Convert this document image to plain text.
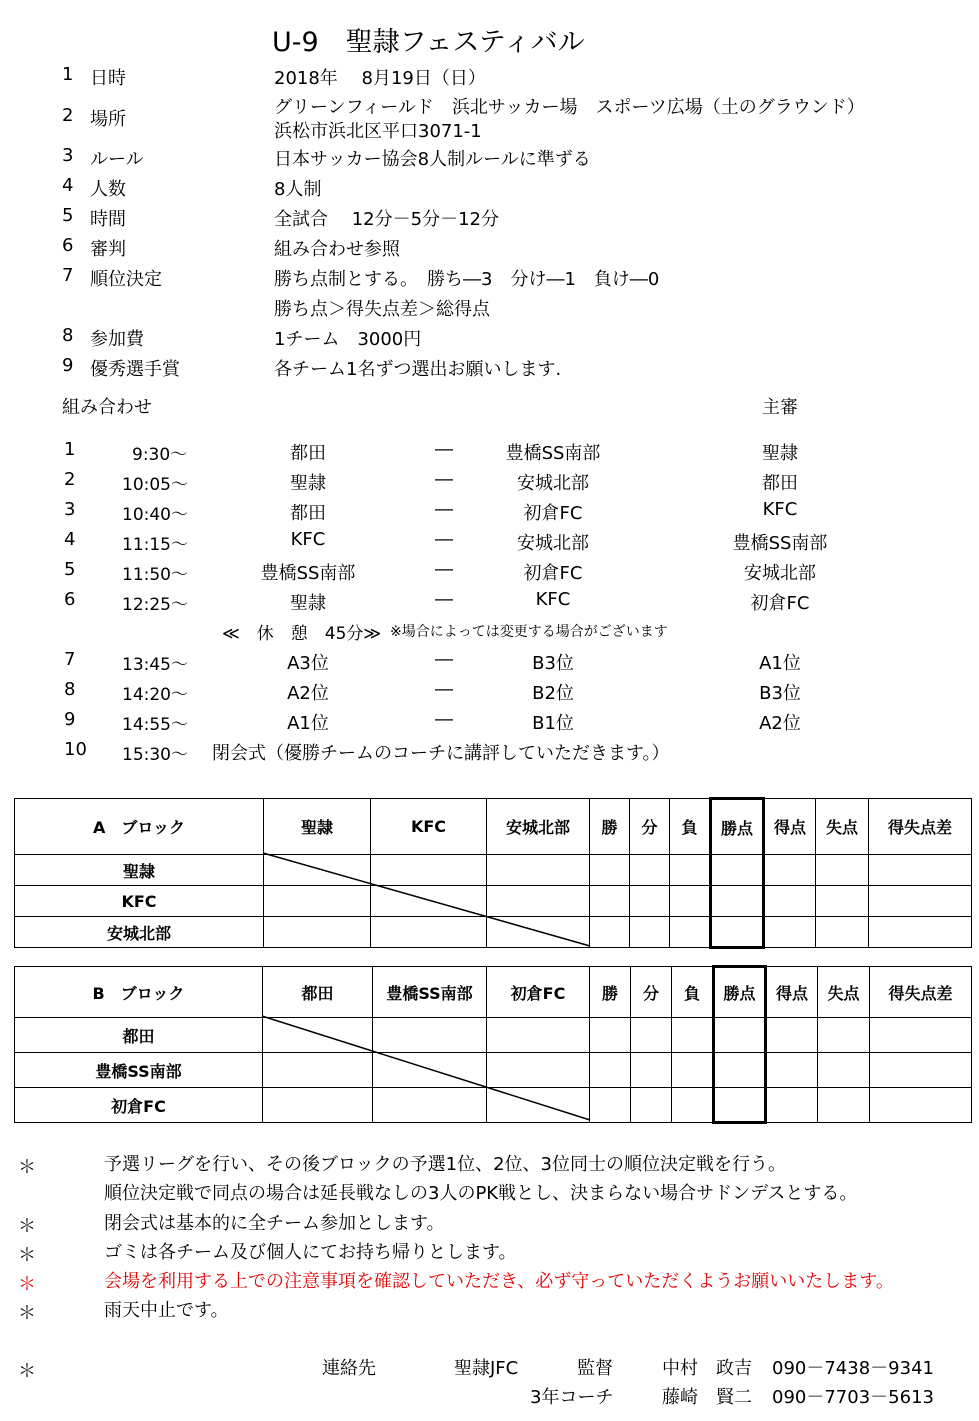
U-9　聖隷フェスティバル
1 日時	2018年　 8月19日（日）
2 場所
グリーンフィールド　浜北サッカー場　スポーツ広場（土のグラウンド）
浜松市浜北区平口3071-1
3 ルール	日本サッカー協会8人制ルールに準ずる
4 人数	8人制
5 時間	全試合　 12分－5分－12分
6 審判	組み合わせ参照
7 順位決定	勝ち点制とする。　勝ち―3　分け―1　負け―0
勝ち点＞得失点差＞総得点
8 参加費	1チーム　3000円
9 優秀選手賞	各チーム1名ずつ選出お願いします.
組み合わせ	主審
1	9:30〜	都田	―	豊橋SS南部	聖隷
2	10:05〜	聖隷	―	安城北部	都田
3	10:40〜	都田	―	初倉FC	KFC
4	11:15〜	KFC	―	安城北部	豊橋SS南部
5	11:50〜	豊橋SS南部	―	初倉FC	安城北部
6	12:25〜	聖隷	―	KFC	初倉FC
≪　休　憩　45分≫ ※場合によっては変更する場合がございます
7	13:45〜	A3位	―	B3位	A1位
8	14:20〜	A2位	―	B2位	B3位
9	14:55〜	A1位	―	B1位	A2位
10 15:30〜 閉会式（優勝チームのコーチに講評していただきます。）
A　ブロック	聖隷	KFC	安城北部	勝	分	負	勝点	得点	失点	得失点差
聖隷										
KFC										
安城北部										
B　ブロック	都田	豊橋SS南部	初倉FC	勝	分	負	勝点	得点	失点	得失点差
都田										
豊橋SS南部										
初倉FC										
＊	予選リーグを行い、その後ブロックの予選1位、2位、3位同士の順位決定戦を行う。
順位決定戦で同点の場合は延長戦なしの3人のPK戦とし、決まらない場合サドンデスとする。
＊	閉会式は基本的に全チーム参加とします。
＊	ゴミは各チーム及び個人にてお持ち帰りとします。
＊	会場を利用する上での注意事項を確認していただき、必ず守っていただくようお願いいたします。
＊	雨天中止です。
＊	連絡先	聖隷JFC	監督	中村　政吉 090－7438－9341
3年コーチ	藤崎　賢二 090－7703－5613
